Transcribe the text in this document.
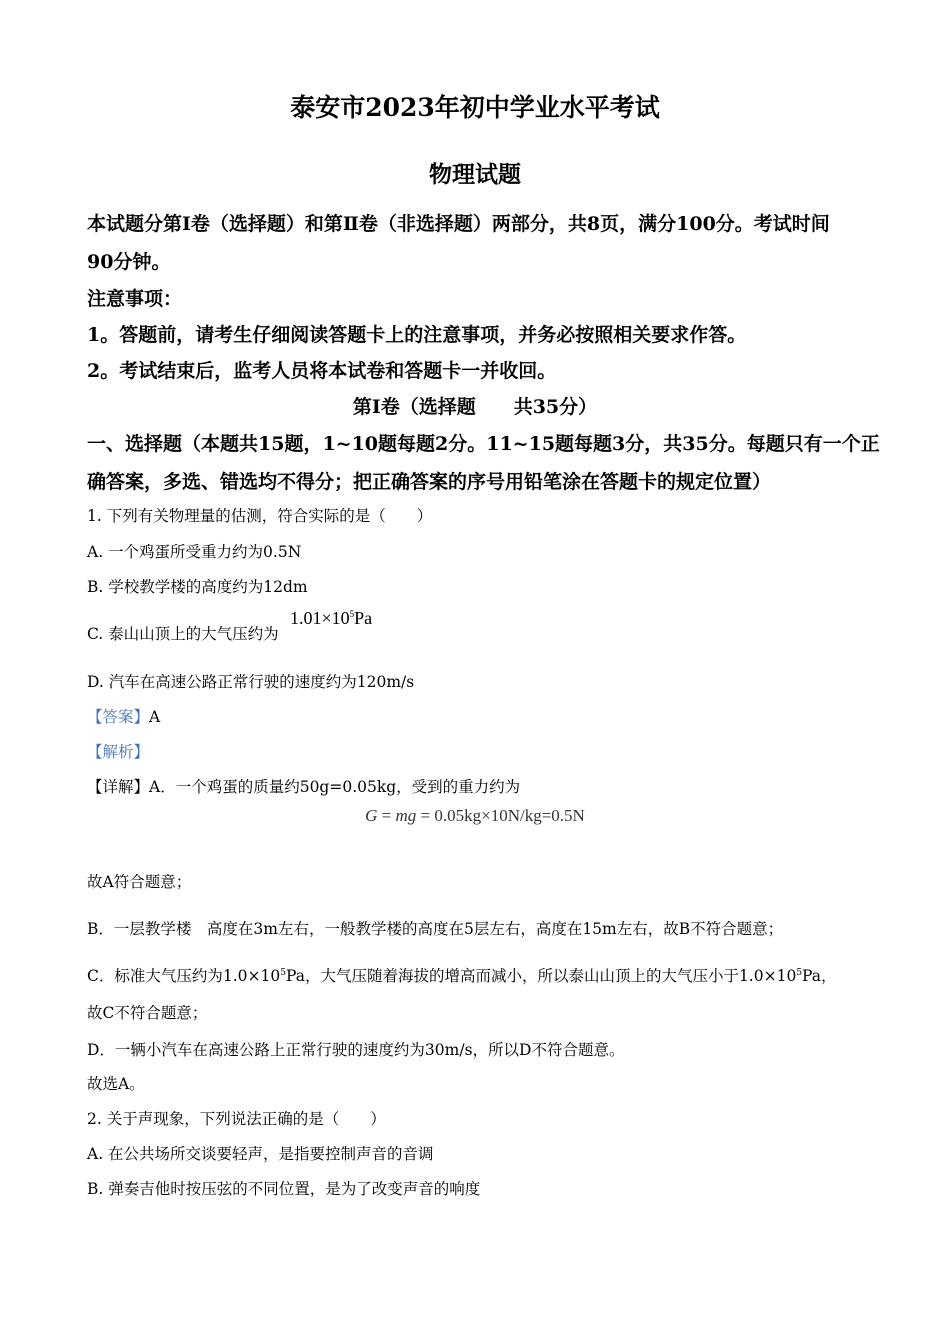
泰安市2023年初中学业水平考试
物理试题
本试题分第Ⅰ卷（选择题）和第Ⅱ卷（非选择题）两部分，共8页，满分100分。考试时间
90分钟。
注意事项：
1。答题前，请考生仔细阅读答题卡上的注意事项，并务必按照相关要求作答。
2。考试结束后，监考人员将本试卷和答题卡一并收回。
第Ⅰ卷（选择题　　共35分）
一、选择题（本题共15题，1~10题每题2分。11~15题每题3分，共35分。每题只有一个正
确答案，多选、错选均不得分；把正确答案的序号用铅笔涂在答题卡的规定位置）
1. 下列有关物理量的估测，符合实际的是（　　）
A. 一个鸡蛋所受重力约为0.5N
B. 学校教学楼的高度约为12dm
C. 泰山山顶上的大气压约为
$1.01\times 10^5Pa$
D. 汽车在高速公路正常行驶的速度约为120m/s
【答案】A
【解析】
【详解】A．一个鸡蛋的质量约50g=0.05kg，受到的重力约为
G = mg = 0.05kg×10N/kg=0.5N
故A符合题意；
B．一层教学楼　高度在3m左右，一般教学楼的高度在5层左右，高度在15m左右，故B不符合题意；
C．标准大气压约为$1.0\times 10^5Pa$，大气压随着海拔的增高而减小，所以泰山山顶上的大气压小于$1.0\times 10^5Pa$，
故C不符合题意；
D．一辆小汽车在高速公路上正常行驶的速度约为30m/s，所以D不符合题意。
故选A。
2. 关于声现象，下列说法正确的是（　　）
A. 在公共场所交谈要轻声，是指要控制声音的音调
B. 弹奏吉他时按压弦的不同位置，是为了改变声音的响度
